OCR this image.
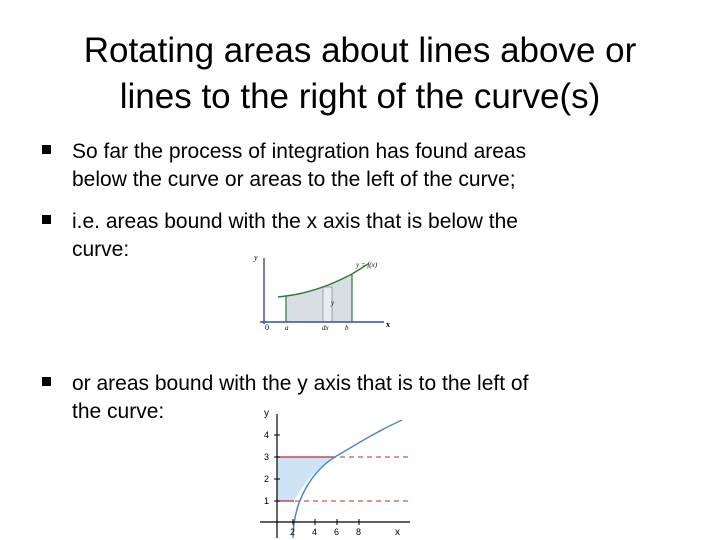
Rotating areas about lines above or
lines to the right of the curve(s)
So far the process of integration has found areas
below the curve or areas to the left of the curve;
i.e. areas bound with the x axis that is below the
curve:
or areas bound with the y axis that is to the left of
the curve:
y
x
0 a	dx b
y
y = f(x)
1
2
3
4
2 4 6 8
y
x
